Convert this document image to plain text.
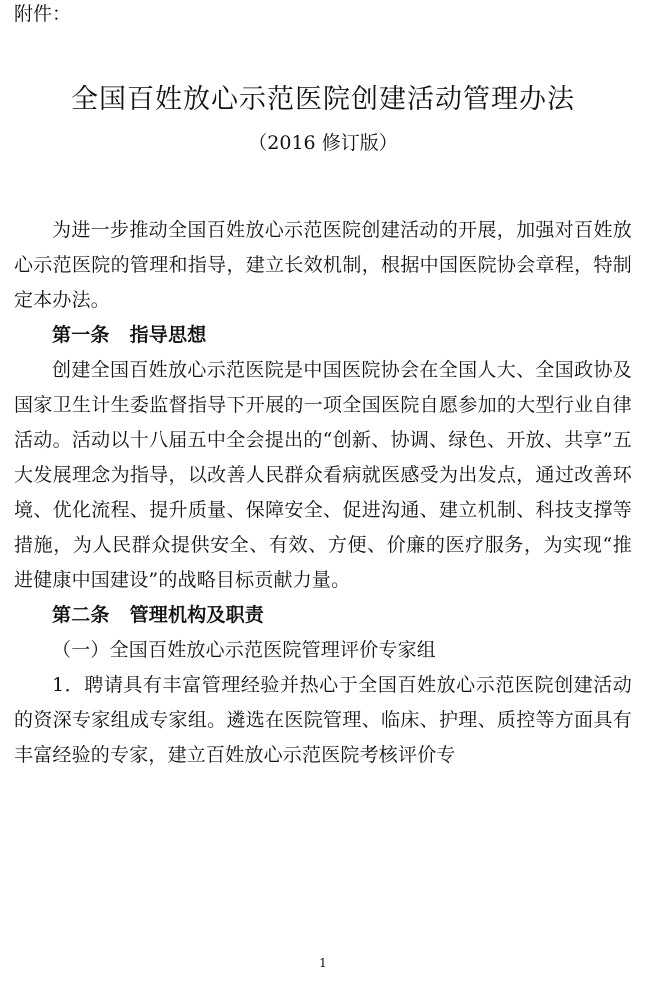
附件：
全国百姓放心示范医院创建活动管理办法
（2016 修订版）

为进一步推动全国百姓放心示范医院创建活动的开展，加强对百姓放心示范医院的管理和指导，建立长效机制，根据中国医院协会章程，特制定本办法。

第一条 指导思想

创建全国百姓放心示范医院是中国医院协会在全国人大、全国政协及国家卫生计生委监督指导下开展的一项全国医院自愿参加的大型行业自律活动。活动以十八届五中全会提出的“创新、协调、绿色、开放、共享”五大发展理念为指导，以改善人民群众看病就医感受为出发点，通过改善环境、优化流程、提升质量、保障安全、促进沟通、建立机制、科技支撑等措施，为人民群众提供安全、有效、方便、价廉的医疗服务，为实现“推进健康中国建设”的战略目标贡献力量。

第二条 管理机构及职责

（一）全国百姓放心示范医院管理评价专家组

1．聘请具有丰富管理经验并热心于全国百姓放心示范医院创建活动的资深专家组成专家组。遴选在医院管理、临床、护理、质控等方面具有丰富经验的专家，建立百姓放心示范医院考核评价专

1
